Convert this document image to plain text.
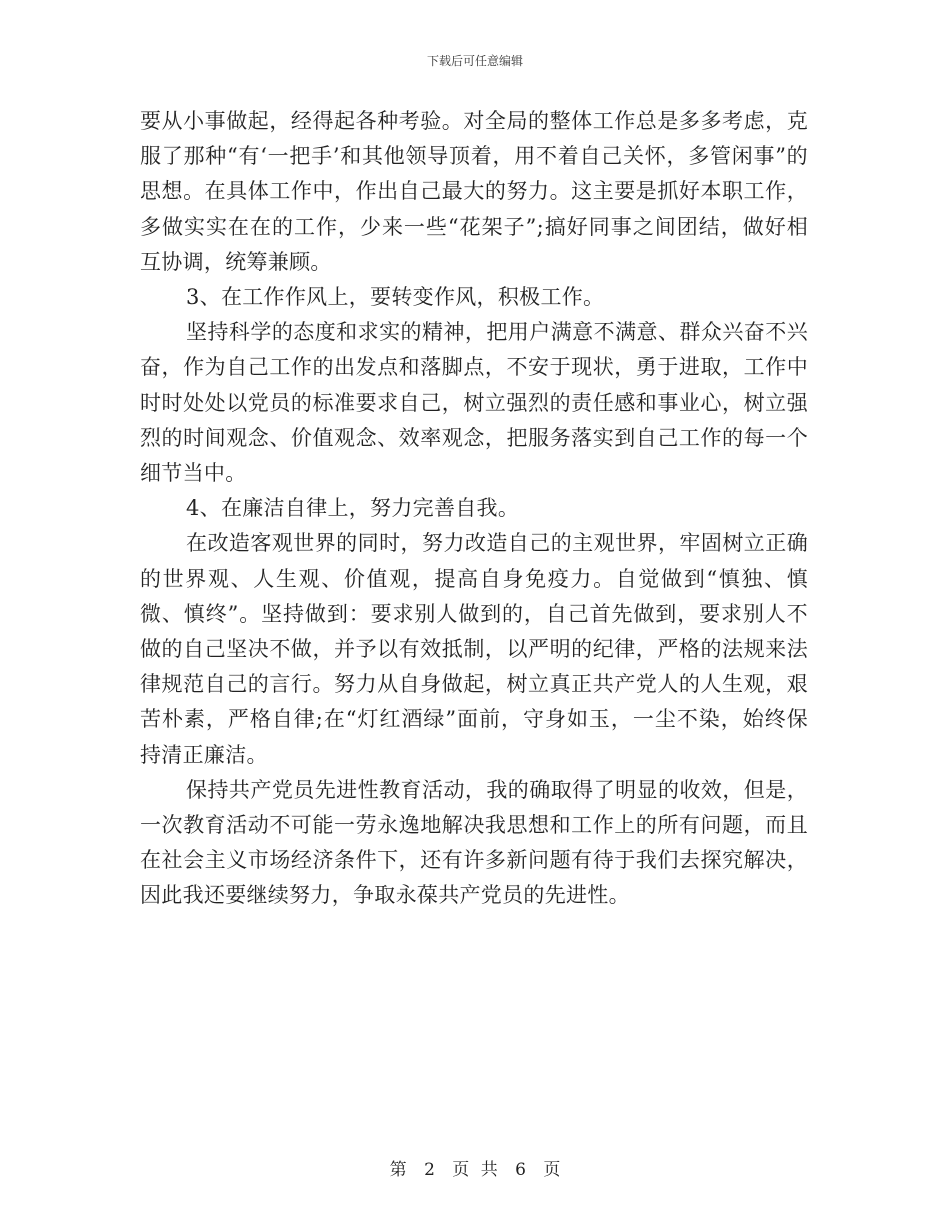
下载后可任意编辑

要从小事做起，经得起各种考验。对全局的整体工作总是多多考虑，克服了那种“有‘一把手’和其他领导顶着，用不着自己关怀，多管闲事”的思想。在具体工作中，作出自己最大的努力。这主要是抓好本职工作，多做实实在在的工作，少来一些“花架子”;搞好同事之间团结，做好相互协调，统筹兼顾。

3、在工作作风上，要转变作风，积极工作。

坚持科学的态度和求实的精神，把用户满意不满意、群众兴奋不兴奋，作为自己工作的出发点和落脚点，不安于现状，勇于进取，工作中时时处处以党员的标准要求自己，树立强烈的责任感和事业心，树立强烈的时间观念、价值观念、效率观念，把服务落实到自己工作的每一个细节当中。

4、在廉洁自律上，努力完善自我。

在改造客观世界的同时，努力改造自己的主观世界，牢固树立正确的世界观、人生观、价值观，提高自身免疫力。自觉做到“慎独、慎微、慎终”。坚持做到：要求别人做到的，自己首先做到，要求别人不做的自己坚决不做，并予以有效抵制，以严明的纪律，严格的法规来法律规范自己的言行。努力从自身做起，树立真正共产党人的人生观，艰苦朴素，严格自律;在“灯红酒绿”面前，守身如玉，一尘不染，始终保持清正廉洁。

保持共产党员先进性教育活动，我的确取得了明显的收效，但是，一次教育活动不可能一劳永逸地解决我思想和工作上的所有问题，而且在社会主义市场经济条件下，还有许多新问题有待于我们去探究解决，因此我还要继续努力，争取永葆共产党员的先进性。

第 2 页 共 6 页
